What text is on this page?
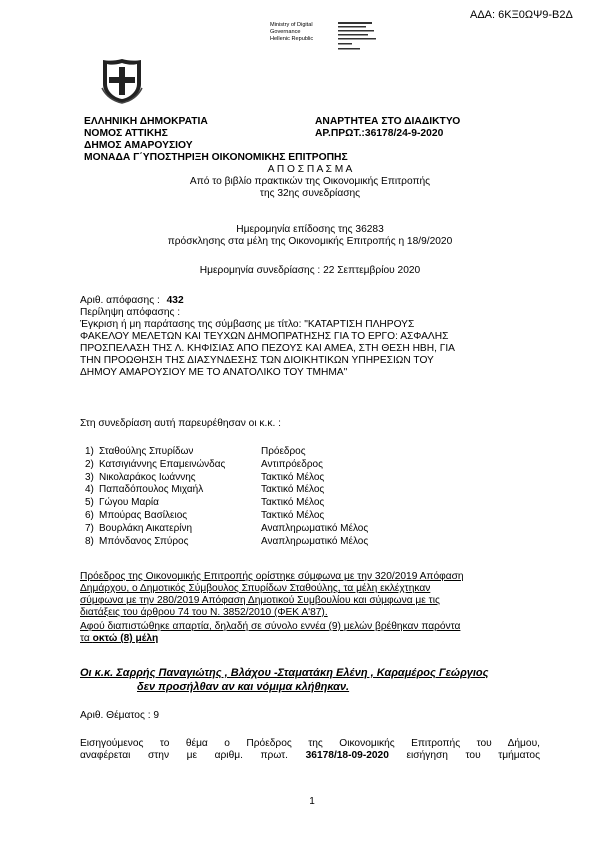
ΑΔΑ: 6ΚΞ0ΩΨ9-Β2Δ
Ministry of Digital
Governance
Hellenic Republic
ΕΛΛΗΝΙΚΗ ΔΗΜΟΚΡΑΤΙΑ
ΝΟΜΟΣ ΑΤΤΙΚΗΣ
ΔΗΜΟΣ ΑΜΑΡΟΥΣΙΟΥ
ΜΟΝΑΔΑ Γ΄ΥΠΟΣΤΗΡΙΞΗ ΟΙΚΟΝΟΜΙΚΗΣ ΕΠΙΤΡΟΠΗΣ
ΑΝΑΡΤΗΤΕΑ ΣΤΟ ΔΙΑΔΙΚΤΥΟ
ΑΡ.ΠΡΩΤ.:36178/24-9-2020
Α Π Ο Σ Π Α Σ Μ Α
Από το βιβλίο πρακτικών της Οικονομικής Επιτροπής
της 32ης συνεδρίασης
Ημερομηνία επίδοσης της 36283
πρόσκλησης στα μέλη της Οικονομικής Επιτροπής η 18/9/2020
Ημερομηνία συνεδρίασης : 22 Σεπτεμβρίου 2020
Αριθ. απόφασης : 432
Περίληψη απόφασης :
Έγκριση ή μη παράτασης της σύμβασης με τίτλο: "ΚΑΤΑΡΤΙΣΗ ΠΛΗΡΟΥΣ
ΦΑΚΕΛΟΥ ΜΕΛΕΤΩΝ ΚΑΙ ΤΕΥΧΩΝ ΔΗΜΟΠΡΑΤΗΣΗΣ ΓΙΑ ΤΟ ΕΡΓΟ: ΑΣΦΑΛΗΣ
ΠΡΟΣΠΕΛΑΣΗ ΤΗΣ Λ. ΚΗΦΙΣΙΑΣ ΑΠΟ ΠΕΖΟΥΣ ΚΑΙ ΑΜΕΑ, ΣΤΗ ΘΕΣΗ ΗΒΗ, ΓΙΑ
ΤΗΝ ΠΡΟΩΘΗΣΗ ΤΗΣ ΔΙΑΣΥΝΔΕΣΗΣ ΤΩΝ ΔΙΟΙΚΗΤΙΚΩΝ ΥΠΗΡΕΣΙΩΝ ΤΟΥ
ΔΗΜΟΥ ΑΜΑΡΟΥΣΙΟΥ ΜΕ ΤΟ ΑΝΑΤΟΛΙΚΟ ΤΟΥ ΤΜΗΜΑ"
Στη συνεδρίαση αυτή παρευρέθησαν οι κ.κ. :
1) Σταθούλης Σπυρίδων	Πρόεδρος
2) Κατσιγιάννης Επαμεινώνδας	Αντιπρόεδρος
3) Νικολαράκος Ιωάννης	Τακτικό Μέλος
4) Παπαδόπουλος Μιχαήλ	Τακτικό Μέλος
5) Γώγου Μαρία	Τακτικό Μέλος
6) Μπούρας Βασίλειος	Τακτικό Μέλος
7) Βουρλάκη Αικατερίνη	Αναπληρωματικό Μέλος
8) Μπόνδανος Σπύρος	Αναπληρωματικό Μέλος
Πρόεδρος της Οικονομικής Επιτροπής ορίστηκε σύμφωνα με την 320/2019 Απόφαση
Δημάρχου, ο Δημοτικός Σύμβουλος Σπυρίδων Σταθούλης, τα μέλη εκλέχτηκαν
σύμφωνα με την 280/2019 Απόφαση Δημοτικού Συμβουλίου και σύμφωνα με τις
διατάξεις του άρθρου 74 του Ν. 3852/2010 (ΦΕΚ Α'87).
Αφού διαπιστώθηκε απαρτία, δηλαδή σε σύνολο εννέα (9) μελών βρέθηκαν παρόντα
τα οκτώ (8) μέλη
Οι κ.κ. Σαρρής Παναγιώτης , Βλάχου -Σταματάκη Ελένη , Καραμέρος Γεώργιος
δεν προσήλθαν αν και νόμιμα κλήθηκαν.
Αριθ. Θέματος : 9
Εισηγούμενος το θέμα ο Πρόεδρος της Οικονομικής Επιτροπής του Δήμου,
αναφέρεται στην με αριθμ. πρωτ. 36178/18-09-2020 εισήγηση του τμήματος
1
